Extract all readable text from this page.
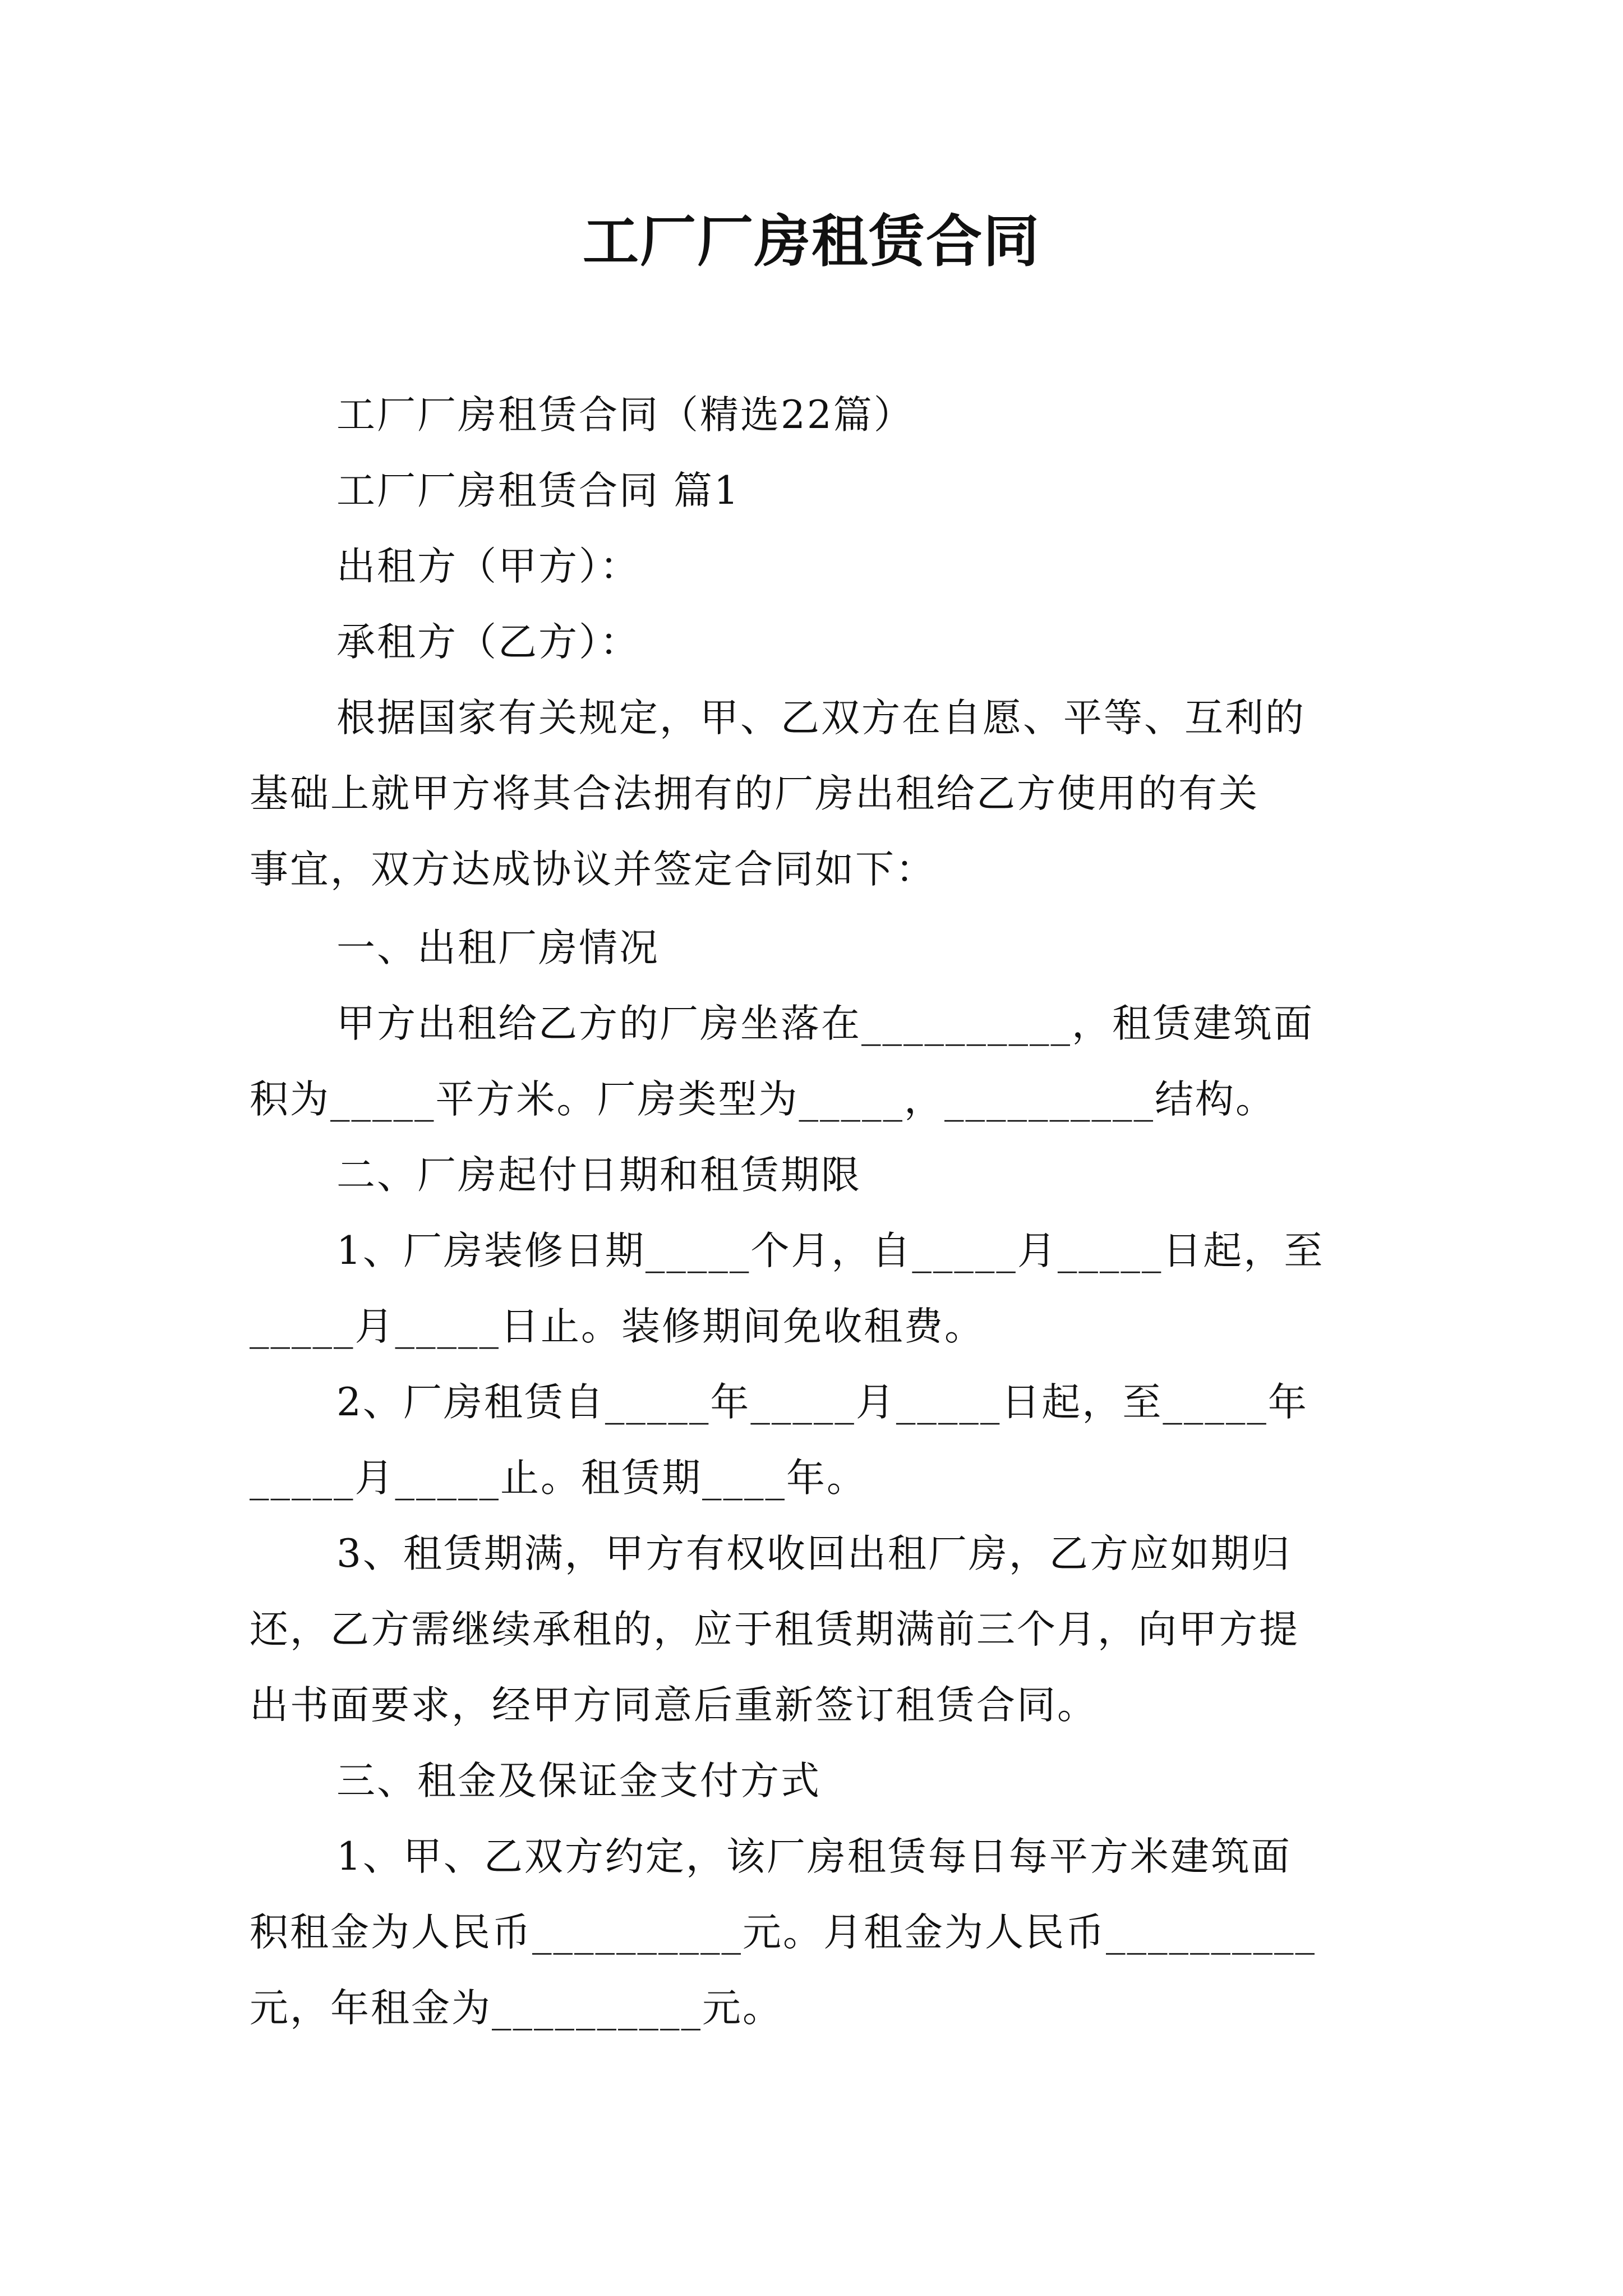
工厂厂房租赁合同
工厂厂房租赁合同（精选22篇）
工厂厂房租赁合同 篇1
出租方（甲方）：
承租方（乙方）：
根据国家有关规定，甲、乙双方在自愿、平等、互利的
基础上就甲方将其合法拥有的厂房出租给乙方使用的有关
事宜，双方达成协议并签定合同如下：
一、出租厂房情况
甲方出租给乙方的厂房坐落在__________，租赁建筑面
积为_____平方米。厂房类型为_____，__________结构。
二、厂房起付日期和租赁期限
1、厂房装修日期_____个月，自_____月_____日起，至
_____月_____日止。装修期间免收租费。
2、厂房租赁自_____年_____月_____日起，至_____年
_____月_____止。租赁期____年。
3、租赁期满，甲方有权收回出租厂房，乙方应如期归
还，乙方需继续承租的，应于租赁期满前三个月，向甲方提
出书面要求，经甲方同意后重新签订租赁合同。
三、租金及保证金支付方式
1、甲、乙双方约定，该厂房租赁每日每平方米建筑面
积租金为人民币__________元。月租金为人民币__________
元，年租金为__________元。
